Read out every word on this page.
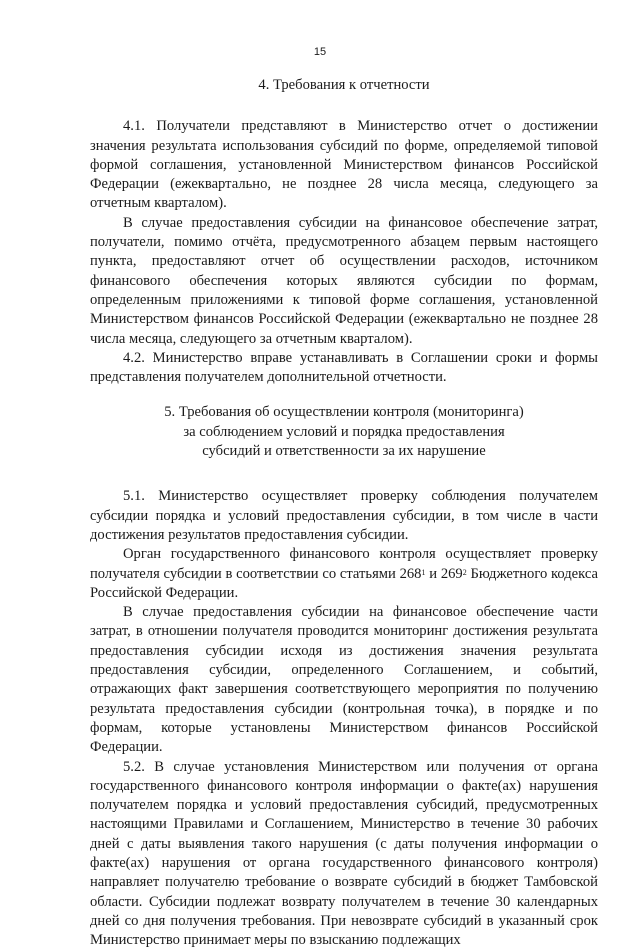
15
4. Требования к отчетности

4.1. Получатели представляют в Министерство отчет о достижении значения результата использования субсидий по форме, определяемой типовой формой соглашения, установленной Министерством финансов Российской Федерации (ежеквартально, не позднее 28 числа месяца, следующего за отчетным кварталом).

В случае предоставления субсидии на финансовое обеспечение затрат, получатели, помимо отчёта, предусмотренного абзацем первым настоящего пункта, предоставляют отчет об осуществлении расходов, источником финансового обеспечения которых являются субсидии по формам, определенным приложениями к типовой форме соглашения, установленной Министерством финансов Российской Федерации (ежеквартально не позднее 28 числа месяца, следующего за отчетным кварталом).

4.2. Министерство вправе устанавливать в Соглашении сроки и формы представления получателем дополнительной отчетности.

5. Требования об осуществлении контроля (мониторинга)
за соблюдением условий и порядка предоставления
субсидий и ответственности за их нарушение

5.1. Министерство осуществляет проверку соблюдения получателем субсидии порядка и условий предоставления субсидии, в том числе в части достижения результатов предоставления субсидии.

Орган государственного финансового контроля осуществляет проверку получателя субсидии в соответствии со статьями $268^1$ и $269^2$ Бюджетного кодекса Российской Федерации.

В случае предоставления субсидии на финансовое обеспечение части затрат, в отношении получателя проводится мониторинг достижения результата предоставления субсидии исходя из достижения значения результата предоставления субсидии, определенного Соглашением, и событий, отражающих факт завершения соответствующего мероприятия по получению результата предоставления субсидии (контрольная точка), в порядке и по формам, которые установлены Министерством финансов Российской Федерации.

5.2. В случае установления Министерством или получения от органа государственного финансового контроля информации о факте(ах) нарушения получателем порядка и условий предоставления субсидий, предусмотренных настоящими Правилами и Соглашением, Министерство в течение 30 рабочих дней с даты выявления такого нарушения (с даты получения информации о факте(ах) нарушения от органа государственного финансового контроля) направляет получателю требование о возврате субсидий в бюджет Тамбовской области. Субсидии подлежат возврату получателем в течение 30 календарных дней со дня получения требования. При невозврате субсидий в указанный срок Министерство принимает меры по взысканию подлежащих
